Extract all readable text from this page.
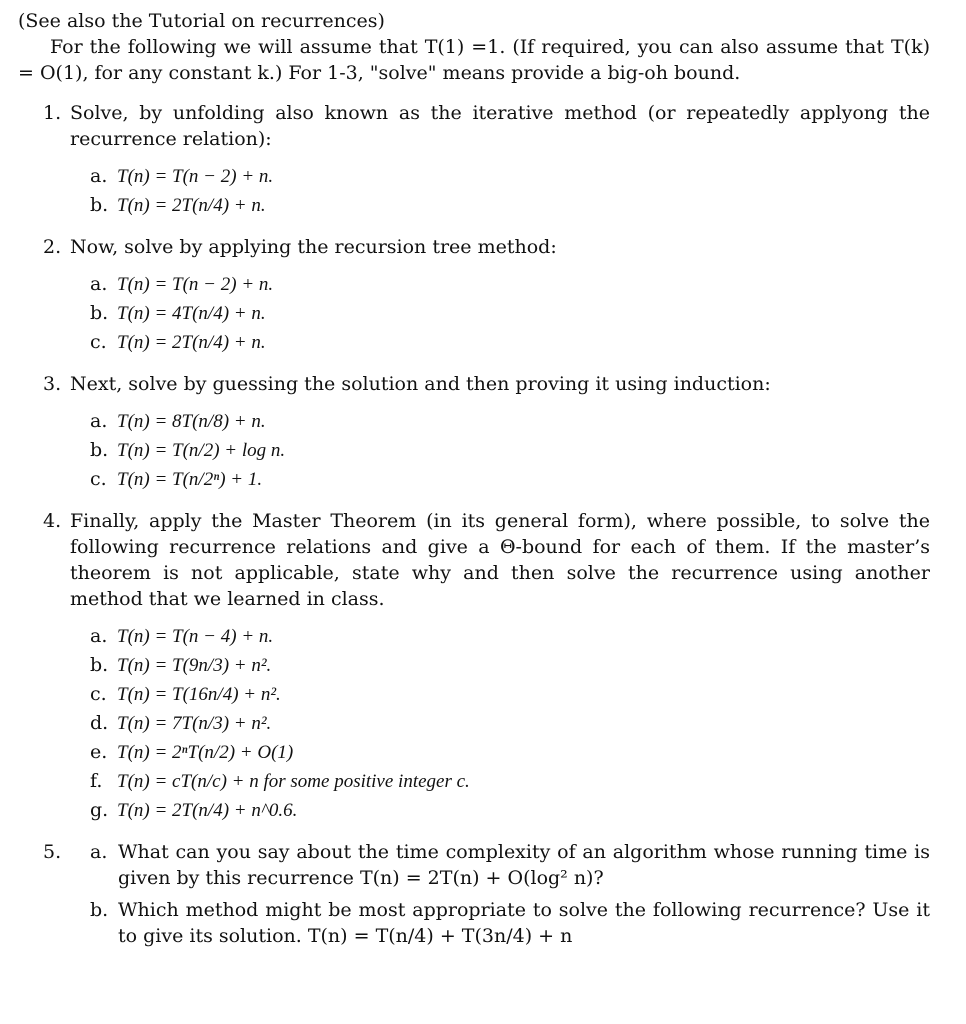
(See also the Tutorial on recurrences)
For the following we will assume that T(1) =1. (If required, you can also assume that T(k) = O(1), for any constant k.) For 1-3, "solve" means provide a big-oh bound.
1. Solve, by unfolding also known as the iterative method (or repeatedly applyong the recurrence relation):
a. T(n) = T(n − 2) + n.
b. T(n) = 2T(n/4) + n.
2. Now, solve by applying the recursion tree method:
a. T(n) = T(n − 2) + n.
b. T(n) = 4T(n/4) + n.
c. T(n) = 2T(n/4) + n.
3. Next, solve by guessing the solution and then proving it using induction:
a. T(n) = 8T(n/8) + n.
b. T(n) = T(n/2) + log n.
c. T(n) = T(n/2ⁿ) + 1.
4. Finally, apply the Master Theorem (in its general form), where possible, to solve the following recurrence relations and give a Θ-bound for each of them. If the master’s theorem is not applicable, state why and then solve the recurrence using another method that we learned in class.
a. T(n) = T(n − 4) + n.
b. T(n) = T(9n/3) + n².
c. T(n) = T(16n/4) + n².
d. T(n) = 7T(n/3) + n².
e. T(n) = 2ⁿT(n/2) + O(1)
f. T(n) = cT(n/c) + n for some positive integer c.
g. T(n) = 2T(n/4) + n^0.6.
5. a. What can you say about the time complexity of an algorithm whose running time is given by this recurrence T(n) = 2T(n) + O(log² n)?
b. Which method might be most appropriate to solve the following recurrence? Use it to give its solution. T(n) = T(n/4) + T(3n/4) + n
